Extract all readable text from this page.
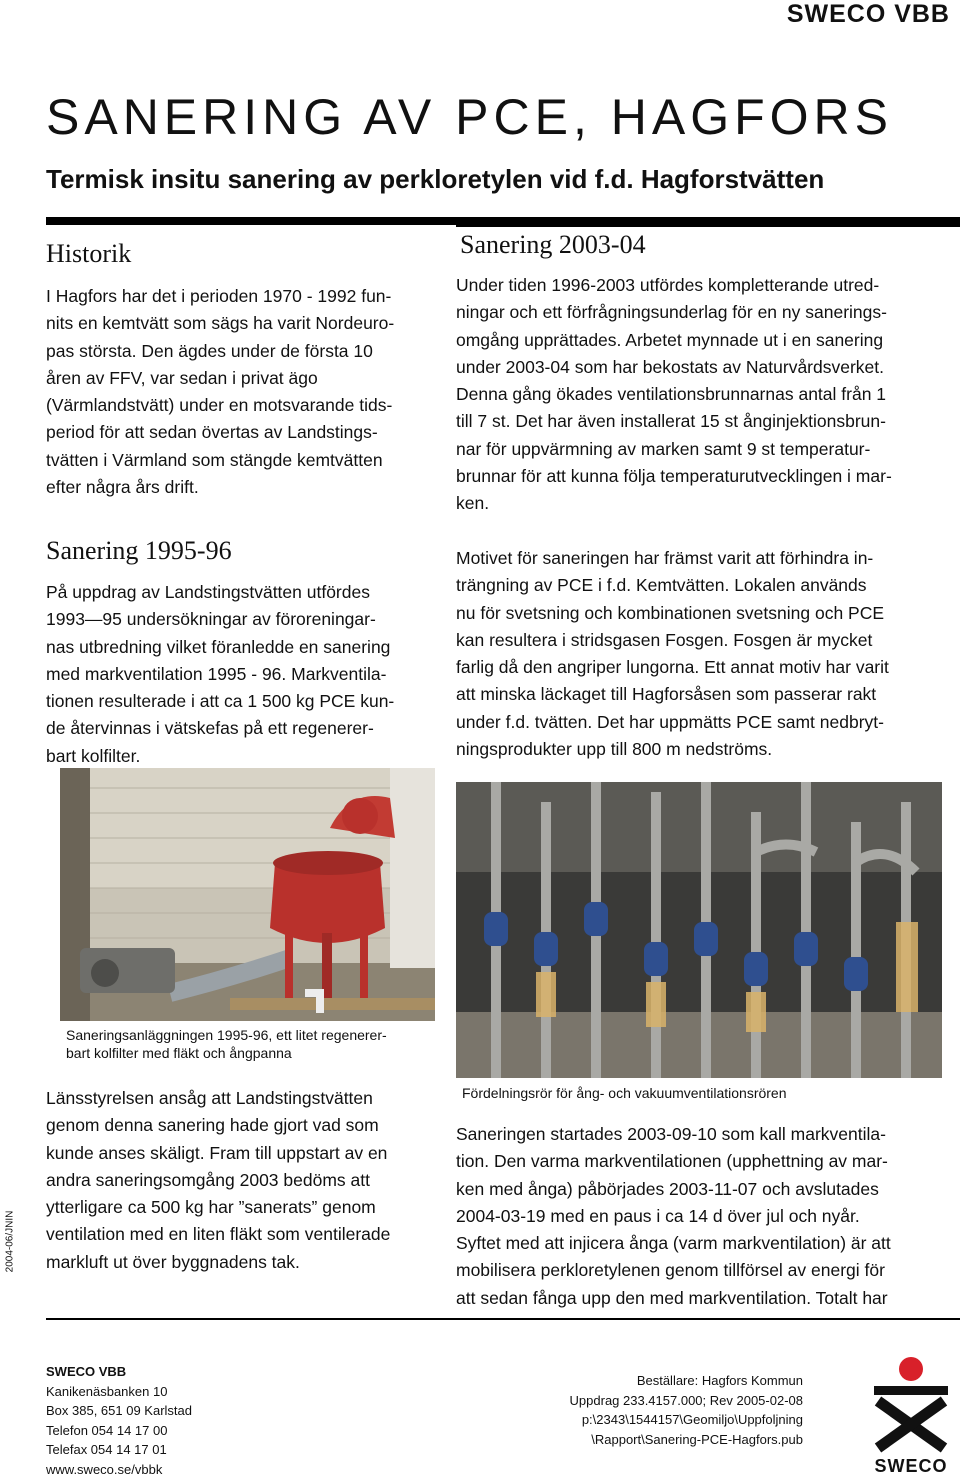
SWECO VBB
SANERING AV PCE, HAGFORS
Termisk insitu sanering av perkloretylen vid f.d. Hagforstvätten
Historik

I Hagfors har det i perioden 1970 - 1992 fun-
nits en kemtvätt som sägs ha varit Nordeuro-
pas största. Den ägdes under de första 10
åren av FFV, var sedan i privat ägo
(Värmlandstvätt) under en motsvarande tids-
period för att sedan övertas av Landstings-
tvätten i Värmland som stängde kemtvätten
efter några års drift.

Sanering 1995-96

På uppdrag av Landstingstvätten utfördes
1993—95 undersökningar av föroreningar-
nas utbredning vilket föranledde en sanering
med markventilation 1995 - 96. Markventila-
tionen resulterade i att ca 1 500 kg PCE kun-
de återvinnas i vätskefas på ett regenerer-
bart kolfilter.

Saneringsanläggningen 1995-96, ett litet regenerer-
bart kolfilter med fläkt och ångpanna

Länsstyrelsen ansåg att Landstingstvätten
genom denna sanering hade gjort vad som
kunde anses skäligt. Fram till uppstart av en
andra saneringsomgång 2003 bedöms att
ytterligare ca 500 kg har ”sanerats” genom
ventilation med en liten fläkt som ventilerade
markluft ut över byggnadens tak.

Sanering 2003-04

Under tiden 1996-2003 utfördes kompletterande utred-
ningar och ett förfrågningsunderlag för en ny sanerings-
omgång upprättades. Arbetet mynnade ut i en sanering
under 2003-04 som har bekostats av Naturvårdsverket.
Denna gång ökades ventilationsbrunnarnas antal från 1
till 7 st. Det har även installerat 15 st ånginjektionsbrun-
nar för uppvärmning av marken samt 9 st temperatur-
brunnar för att kunna följa temperaturutvecklingen i mar-
ken.

Motivet för saneringen har främst varit att förhindra in-
trängning av PCE i f.d. Kemtvätten. Lokalen används
nu för svetsning och kombinationen svetsning och PCE
kan resultera i stridsgasen Fosgen. Fosgen är mycket
farlig då den angriper lungorna. Ett annat motiv har varit
att minska läckaget till Hagforsåsen som passerar rakt
under f.d. tvätten. Det har uppmätts PCE samt nedbryt-
ningsprodukter upp till 800 m nedströms.

Fördelningsrör för ång- och vakuumventilationsrören

Saneringen startades 2003-09-10 som kall markventila-
tion. Den varma markventilationen (upphettning av mar-
ken med ånga) påbörjades 2003-11-07 och avslutades
2004-03-19 med en paus i ca 14 d över jul och nyår.
Syftet med att injicera ånga (varm markventilation) är att
mobilisera perkloretylenen genom tillförsel av energi för
att sedan fånga upp den med markventilation. Totalt har

2004-06/JNIN
SWECO VBB
Kanikenäsbanken 10
Box 385, 651 09 Karlstad
Telefon 054 14 17 00
Telefax 054 14 17 01
www.sweco.se/vbbk
Beställare: Hagfors Kommun
Uppdrag 233.4157.000; Rev 2005-02-08
p:\2343\1544157\Geomiljo\Uppfoljning
\Rapport\Sanering-PCE-Hagfors.pub
SWECO
